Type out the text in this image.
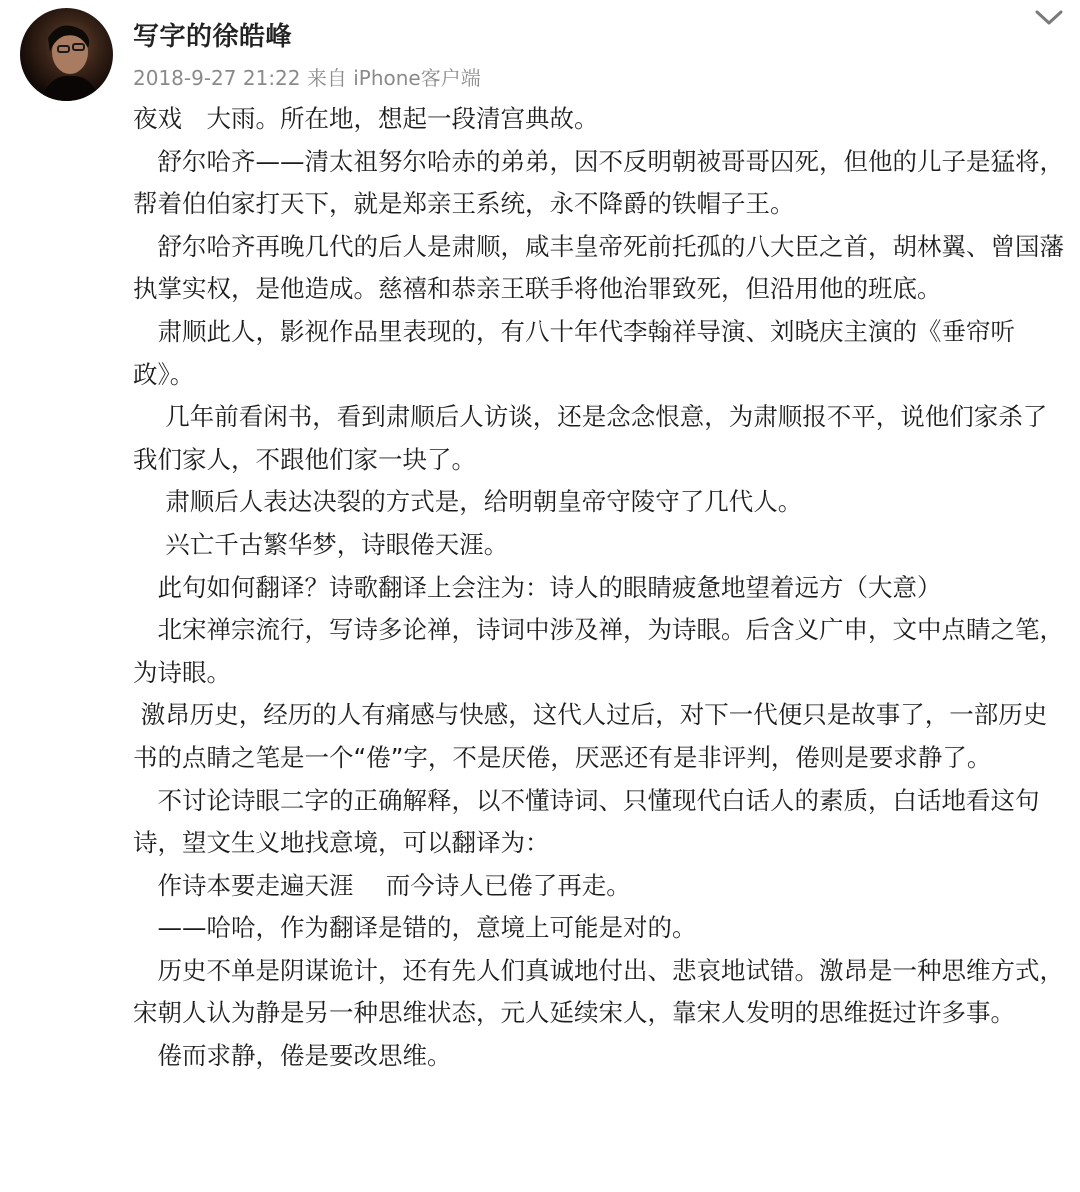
写字的徐皓峰
2018-9-27 21:22 来自 iPhone客户端

夜戏　大雨。所在地，想起一段清宫典故。

　舒尔哈齐——清太祖努尔哈赤的弟弟，因不反明朝被哥哥囚死，但他的儿子是猛将，帮着伯伯家打天下，就是郑亲王系统，永不降爵的铁帽子王。

　舒尔哈齐再晚几代的后人是肃顺，咸丰皇帝死前托孤的八大臣之首，胡林翼、曾国藩执掌实权，是他造成。慈禧和恭亲王联手将他治罪致死，但沿用他的班底。

　肃顺此人，影视作品里表现的，有八十年代李翰祥导演、刘晓庆主演的《垂帘听政》。

　 几年前看闲书，看到肃顺后人访谈，还是念念恨意，为肃顺报不平，说他们家杀了我们家人，不跟他们家一块了。

　 肃顺后人表达决裂的方式是，给明朝皇帝守陵守了几代人。

　 兴亡千古繁华梦，诗眼倦天涯。

　此句如何翻译？诗歌翻译上会注为：诗人的眼睛疲惫地望着远方（大意）

　北宋禅宗流行，写诗多论禅，诗词中涉及禅，为诗眼。后含义广申，文中点睛之笔，为诗眼。

激昂历史，经历的人有痛感与快感，这代人过后，对下一代便只是故事了，一部历史书的点睛之笔是一个“倦”字，不是厌倦，厌恶还有是非评判，倦则是要求静了。

　不讨论诗眼二字的正确解释，以不懂诗词、只懂现代白话人的素质，白话地看这句诗，望文生义地找意境，可以翻译为：

　作诗本要走遍天涯　 而今诗人已倦了再走。

　——哈哈，作为翻译是错的，意境上可能是对的。

　历史不单是阴谋诡计，还有先人们真诚地付出、悲哀地试错。激昂是一种思维方式，宋朝人认为静是另一种思维状态，元人延续宋人，靠宋人发明的思维挺过许多事。

　倦而求静，倦是要改思维。
